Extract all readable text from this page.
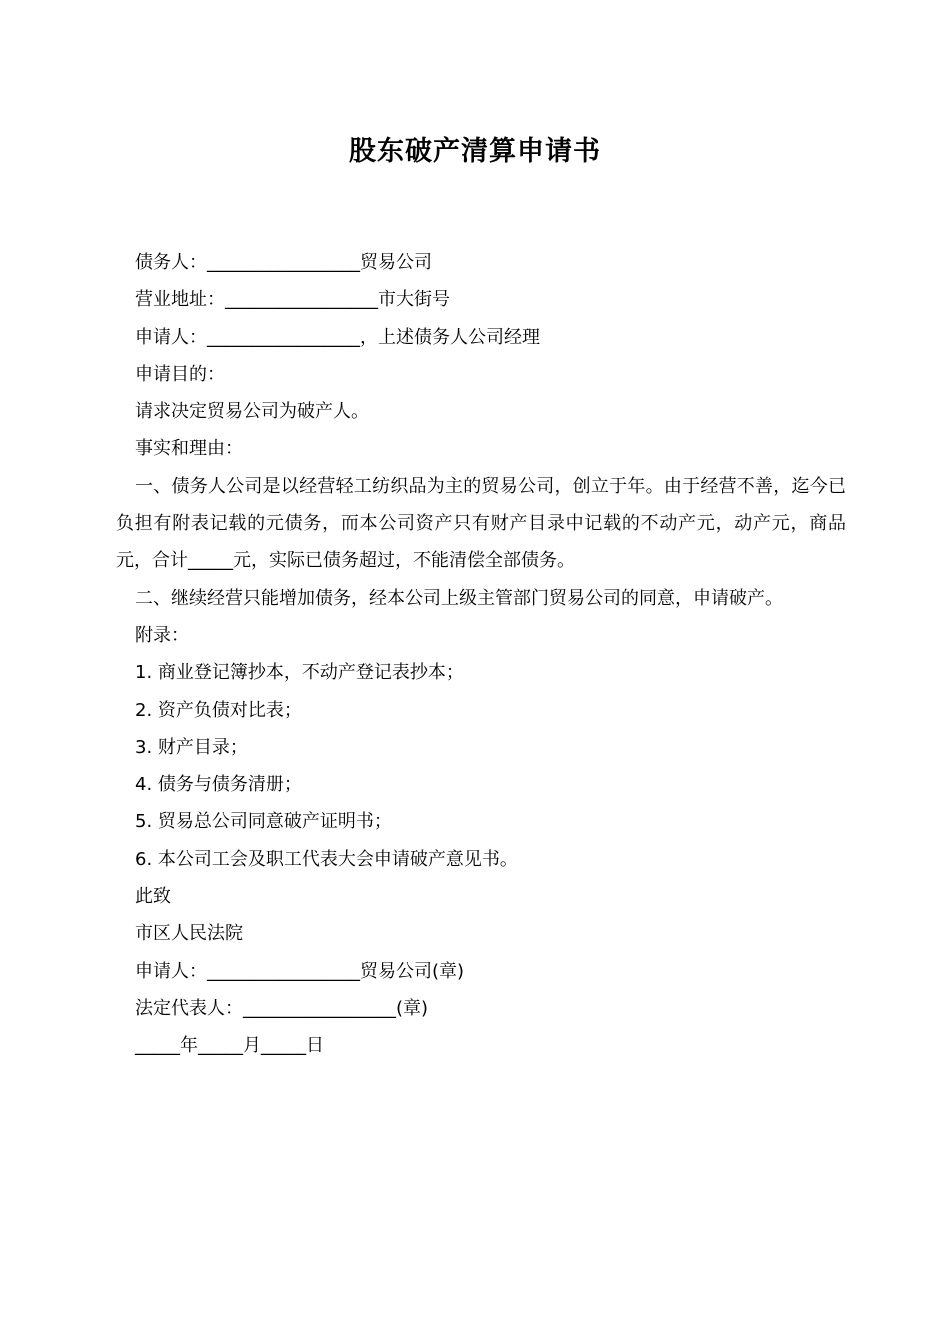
股东破产清算申请书
债务人：_________________贸易公司
营业地址：_________________市大街号
申请人：_________________，上述债务人公司经理
申请目的：
请求决定贸易公司为破产人。
事实和理由：
一、债务人公司是以经营轻工纺织品为主的贸易公司，创立于年。由于经营不善，迄今已负担有附表记载的元债务，而本公司资产只有财产目录中记载的不动产元，动产元，商品元，合计_____元，实际已债务超过，不能清偿全部债务。
二、继续经营只能增加债务，经本公司上级主管部门贸易公司的同意，申请破产。
附录：
1. 商业登记簿抄本，不动产登记表抄本；
2. 资产负债对比表；
3. 财产目录；
4. 债务与债务清册；
5. 贸易总公司同意破产证明书；
6. 本公司工会及职工代表大会申请破产意见书。
此致
市区人民法院
申请人：_________________贸易公司(章)
法定代表人：_________________(章)
_____年_____月_____日
